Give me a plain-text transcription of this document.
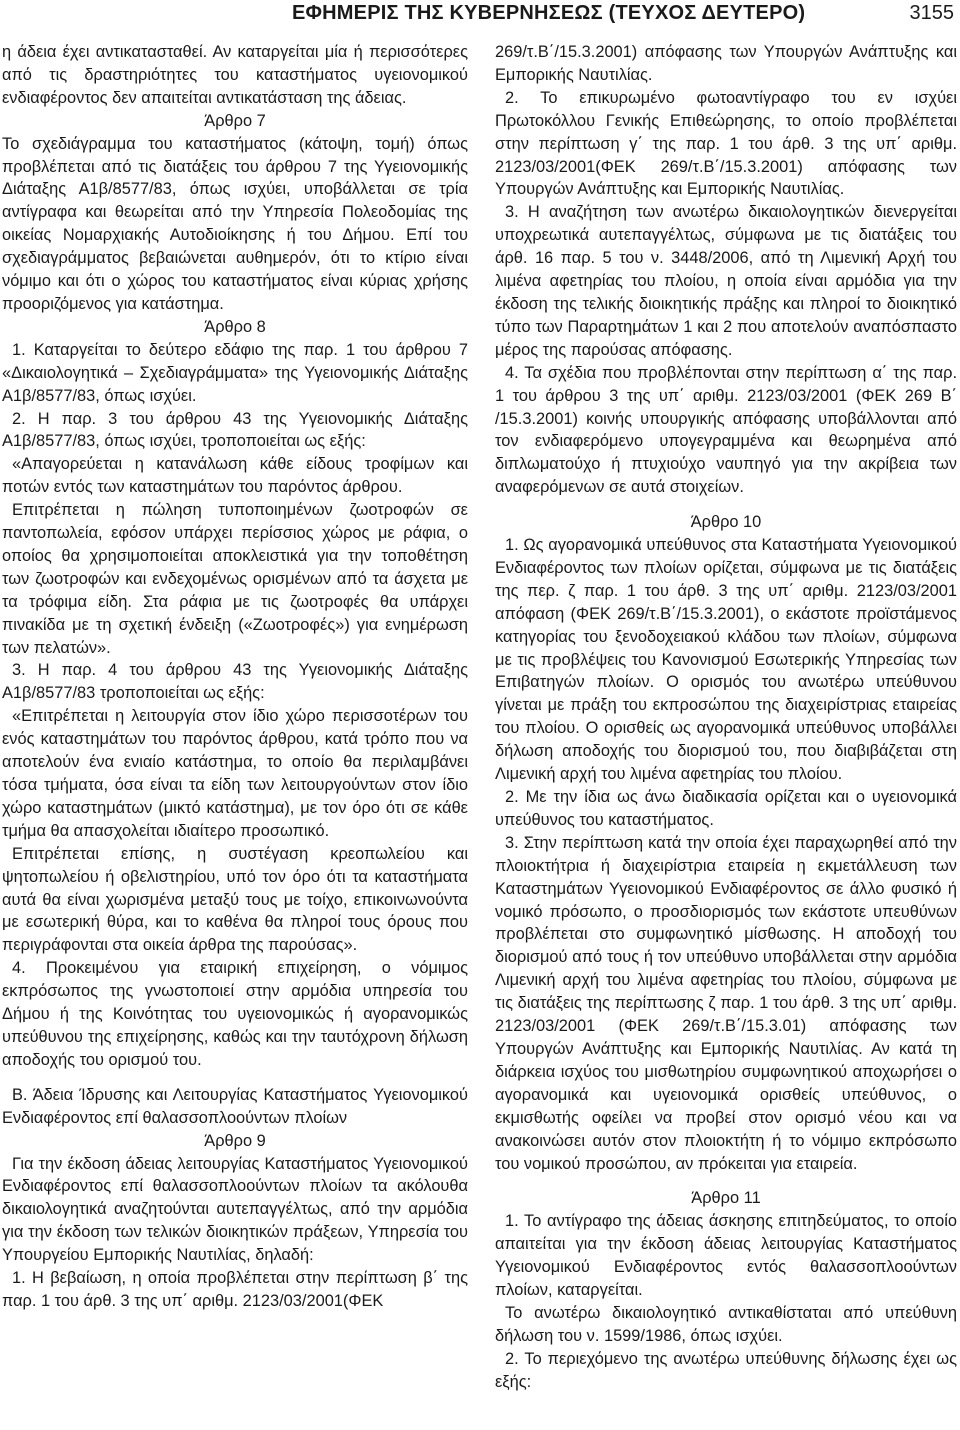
ΕΦΗΜΕΡΙΣ ΤΗΣ ΚΥΒΕΡΝΗΣΕΩΣ (ΤΕΥΧΟΣ ΔΕΥΤΕΡΟ)	3155

η άδεια έχει αντικατασταθεί. Αν καταργείται μία ή περισσότερες από τις δραστηριότητες του καταστήματος υγειονομικού ενδιαφέροντος δεν απαιτείται αντικατάσταση της άδειας.

Άρθρο 7

Το σχεδιάγραμμα του καταστήματος (κάτοψη, τομή) όπως προβλέπεται από τις διατάξεις του άρθρου 7 της Υγειονομικής Διάταξης Α1β/8577/83, όπως ισχύει, υποβάλλεται σε τρία αντίγραφα και θεωρείται από την Υπηρεσία Πολεοδομίας της οικείας Νομαρχιακής Αυτοδιοίκησης ή του Δήμου. Επί του σχεδιαγράμματος βεβαιώνεται αυθημερόν, ότι το κτίριο είναι νόμιμο και ότι ο χώρος του καταστήματος είναι κύριας χρήσης προοριζόμενος για κατάστημα.

Άρθρο 8

1. Καταργείται το δεύτερο εδάφιο της παρ. 1 του άρθρου 7 «Δικαιολογητικά – Σχεδιαγράμματα» της Υγειονομικής Διάταξης Α1β/8577/83, όπως ισχύει.

2. Η παρ. 3 του άρθρου 43 της Υγειονομικής Διάταξης Α1β/8577/83, όπως ισχύει, τροποποιείται ως εξής:

«Απαγορεύεται η κατανάλωση κάθε είδους τροφίμων και ποτών εντός των καταστημάτων του παρόντος άρθρου.

Επιτρέπεται η πώληση τυποποιημένων ζωοτροφών σε παντοπωλεία, εφόσον υπάρχει περίσσιος χώρος με ράφια, ο οποίος θα χρησιμοποιείται αποκλειστικά για την τοποθέτηση των ζωοτροφών και ενδεχομένως ορισμένων από τα άσχετα με τα τρόφιμα είδη. Στα ράφια με τις ζωοτροφές θα υπάρχει πινακίδα με τη σχετική ένδειξη («Ζωοτροφές») για ενημέρωση των πελατών».

3. Η παρ. 4 του άρθρου 43 της Υγειονομικής Διάταξης Α1β/8577/83 τροποποιείται ως εξής:

«Επιτρέπεται η λειτουργία στον ίδιο χώρο περισσοτέρων του ενός καταστημάτων του παρόντος άρθρου, κατά τρόπο που να αποτελούν ένα ενιαίο κατάστημα, το οποίο θα περιλαμβάνει τόσα τμήματα, όσα είναι τα είδη των λειτουργούντων στον ίδιο χώρο καταστημάτων (μικτό κατάστημα), με τον όρο ότι σε κάθε τμήμα θα απασχολείται ιδιαίτερο προσωπικό.

Επιτρέπεται επίσης, η συστέγαση κρεοπωλείου και ψητοπωλείου ή οβελιστηρίου, υπό τον όρο ότι τα καταστήματα αυτά θα είναι χωρισμένα μεταξύ τους με τοίχο, επικοινωνούντα με εσωτερική θύρα, και το καθένα θα πληροί τους όρους που περιγράφονται στα οικεία άρθρα της παρούσας».

4. Προκειμένου για εταιρική επιχείρηση, ο νόμιμος εκπρόσωπος της γνωστοποιεί στην αρμόδια υπηρεσία του Δήμου ή της Κοινότητας του υγειονομικώς ή αγορανομικώς υπεύθυνου της επιχείρησης, καθώς και την ταυτόχρονη δήλωση αποδοχής του ορισμού του.

Β. Άδεια Ίδρυσης και Λειτουργίας Καταστήματος Υγειονομικού Ενδιαφέροντος επί θαλασσοπλοούντων πλοίων

Άρθρο 9

Για την έκδοση άδειας λειτουργίας Καταστήματος Υγειονομικού Ενδιαφέροντος επί θαλασσοπλοούντων πλοίων τα ακόλουθα δικαιολογητικά αναζητούνται αυτεπαγγέλτως, από την αρμόδια για την έκδοση των τελικών διοικητικών πράξεων, Υπηρεσία του Υπουργείου Εμπορικής Ναυτιλίας, δηλαδή:

1. Η βεβαίωση, η οποία προβλέπεται στην περίπτωση β΄ της παρ. 1 του άρθ. 3 της υπ΄ αριθμ. 2123/03/2001(ΦΕΚ

269/τ.Β΄/15.3.2001) απόφασης των Υπουργών Ανάπτυξης και Εμπορικής Ναυτιλίας.

2. Το επικυρωμένο φωτοαντίγραφο του εν ισχύει Πρωτοκόλλου Γενικής Επιθεώρησης, το οποίο προβλέπεται στην περίπτωση γ΄ της παρ. 1 του άρθ. 3 της υπ΄ αριθμ. 2123/03/2001(ΦΕΚ 269/τ.Β΄/15.3.2001) απόφασης των Υπουργών Ανάπτυξης και Εμπορικής Ναυτιλίας.

3. Η αναζήτηση των ανωτέρω δικαιολογητικών διενεργείται υποχρεωτικά αυτεπαγγέλτως, σύμφωνα με τις διατάξεις του άρθ. 16 παρ. 5 του ν. 3448/2006, από τη Λιμενική Αρχή του λιμένα αφετηρίας του πλοίου, η οποία είναι αρμόδια για την έκδοση της τελικής διοικητικής πράξης και πληροί το διοικητικό τύπο των Παραρτημάτων 1 και 2 που αποτελούν αναπόσπαστο μέρος της παρούσας απόφασης.

4. Τα σχέδια που προβλέπονται στην περίπτωση α΄ της παρ. 1 του άρθρου 3 της υπ΄ αριθμ. 2123/03/2001 (ΦΕΚ 269 Β΄ /15.3.2001) κοινής υπουργικής απόφασης υποβάλλονται από τον ενδιαφερόμενο υπογεγραμμένα και θεωρημένα από διπλωματούχο ή πτυχιούχο ναυπηγό για την ακρίβεια των αναφερόμενων σε αυτά στοιχείων.

Άρθρο 10

1. Ως αγορανομικά υπεύθυνος στα Καταστήματα Υγειονομικού Ενδιαφέροντος των πλοίων ορίζεται, σύμφωνα με τις διατάξεις της περ. ζ παρ. 1 του άρθ. 3 της υπ΄ αριθμ. 2123/03/2001 απόφαση (ΦΕΚ 269/τ.Β΄/15.3.2001), ο εκάστοτε προϊστάμενος κατηγορίας του ξενοδοχειακού κλάδου των πλοίων, σύμφωνα με τις προβλέψεις του Κανονισμού Εσωτερικής Υπηρεσίας των Επιβατηγών πλοίων. Ο ορισμός του ανωτέρω υπεύθυνου γίνεται με πράξη του εκπροσώπου της διαχειρίστριας εταιρείας του πλοίου. Ο ορισθείς ως αγορανομικά υπεύθυνος υποβάλλει δήλωση αποδοχής του διορισμού του, που διαβιβάζεται στη Λιμενική αρχή του λιμένα αφετηρίας του πλοίου.

2. Με την ίδια ως άνω διαδικασία ορίζεται και ο υγειονομικά υπεύθυνος του καταστήματος.

3. Στην περίπτωση κατά την οποία έχει παραχωρηθεί από την πλοιοκτήτρια ή διαχειρίστρια εταιρεία η εκμετάλλευση των Καταστημάτων Υγειονομικού Ενδιαφέροντος σε άλλο φυσικό ή νομικό πρόσωπο, ο προσδιορισμός των εκάστοτε υπευθύνων προβλέπεται στο συμφωνητικό μίσθωσης. Η αποδοχή του διορισμού από τους ή τον υπεύθυνο υποβάλλεται στην αρμόδια Λιμενική αρχή του λιμένα αφετηρίας του πλοίου, σύμφωνα με τις διατάξεις της περίπτωσης ζ παρ. 1 του άρθ. 3 της υπ΄ αριθμ. 2123/03/2001 (ΦΕΚ 269/τ.Β΄/15.3.01) απόφασης των Υπουργών Ανάπτυξης και Εμπορικής Ναυτιλίας. Αν κατά τη διάρκεια ισχύος του μισθωτηρίου συμφωνητικού αποχωρήσει ο αγορανομικά και υγειονομικά ορισθείς υπεύθυνος, ο εκμισθωτής οφείλει να προβεί στον ορισμό νέου και να ανακοινώσει αυτόν στον πλοιοκτήτη ή το νόμιμο εκπρόσωπο του νομικού προσώπου, αν πρόκειται για εταιρεία.

Άρθρο 11

1. Το αντίγραφο της άδειας άσκησης επιτηδεύματος, το οποίο απαιτείται για την έκδοση άδειας λειτουργίας Καταστήματος Υγειονομικού Ενδιαφέροντος εντός θαλασσοπλοούντων πλοίων, καταργείται.

Το ανωτέρω δικαιολογητικό αντικαθίσταται από υπεύθυνη δήλωση του ν. 1599/1986, όπως ισχύει.

2. Το περιεχόμενο της ανωτέρω υπεύθυνης δήλωσης έχει ως εξής:
